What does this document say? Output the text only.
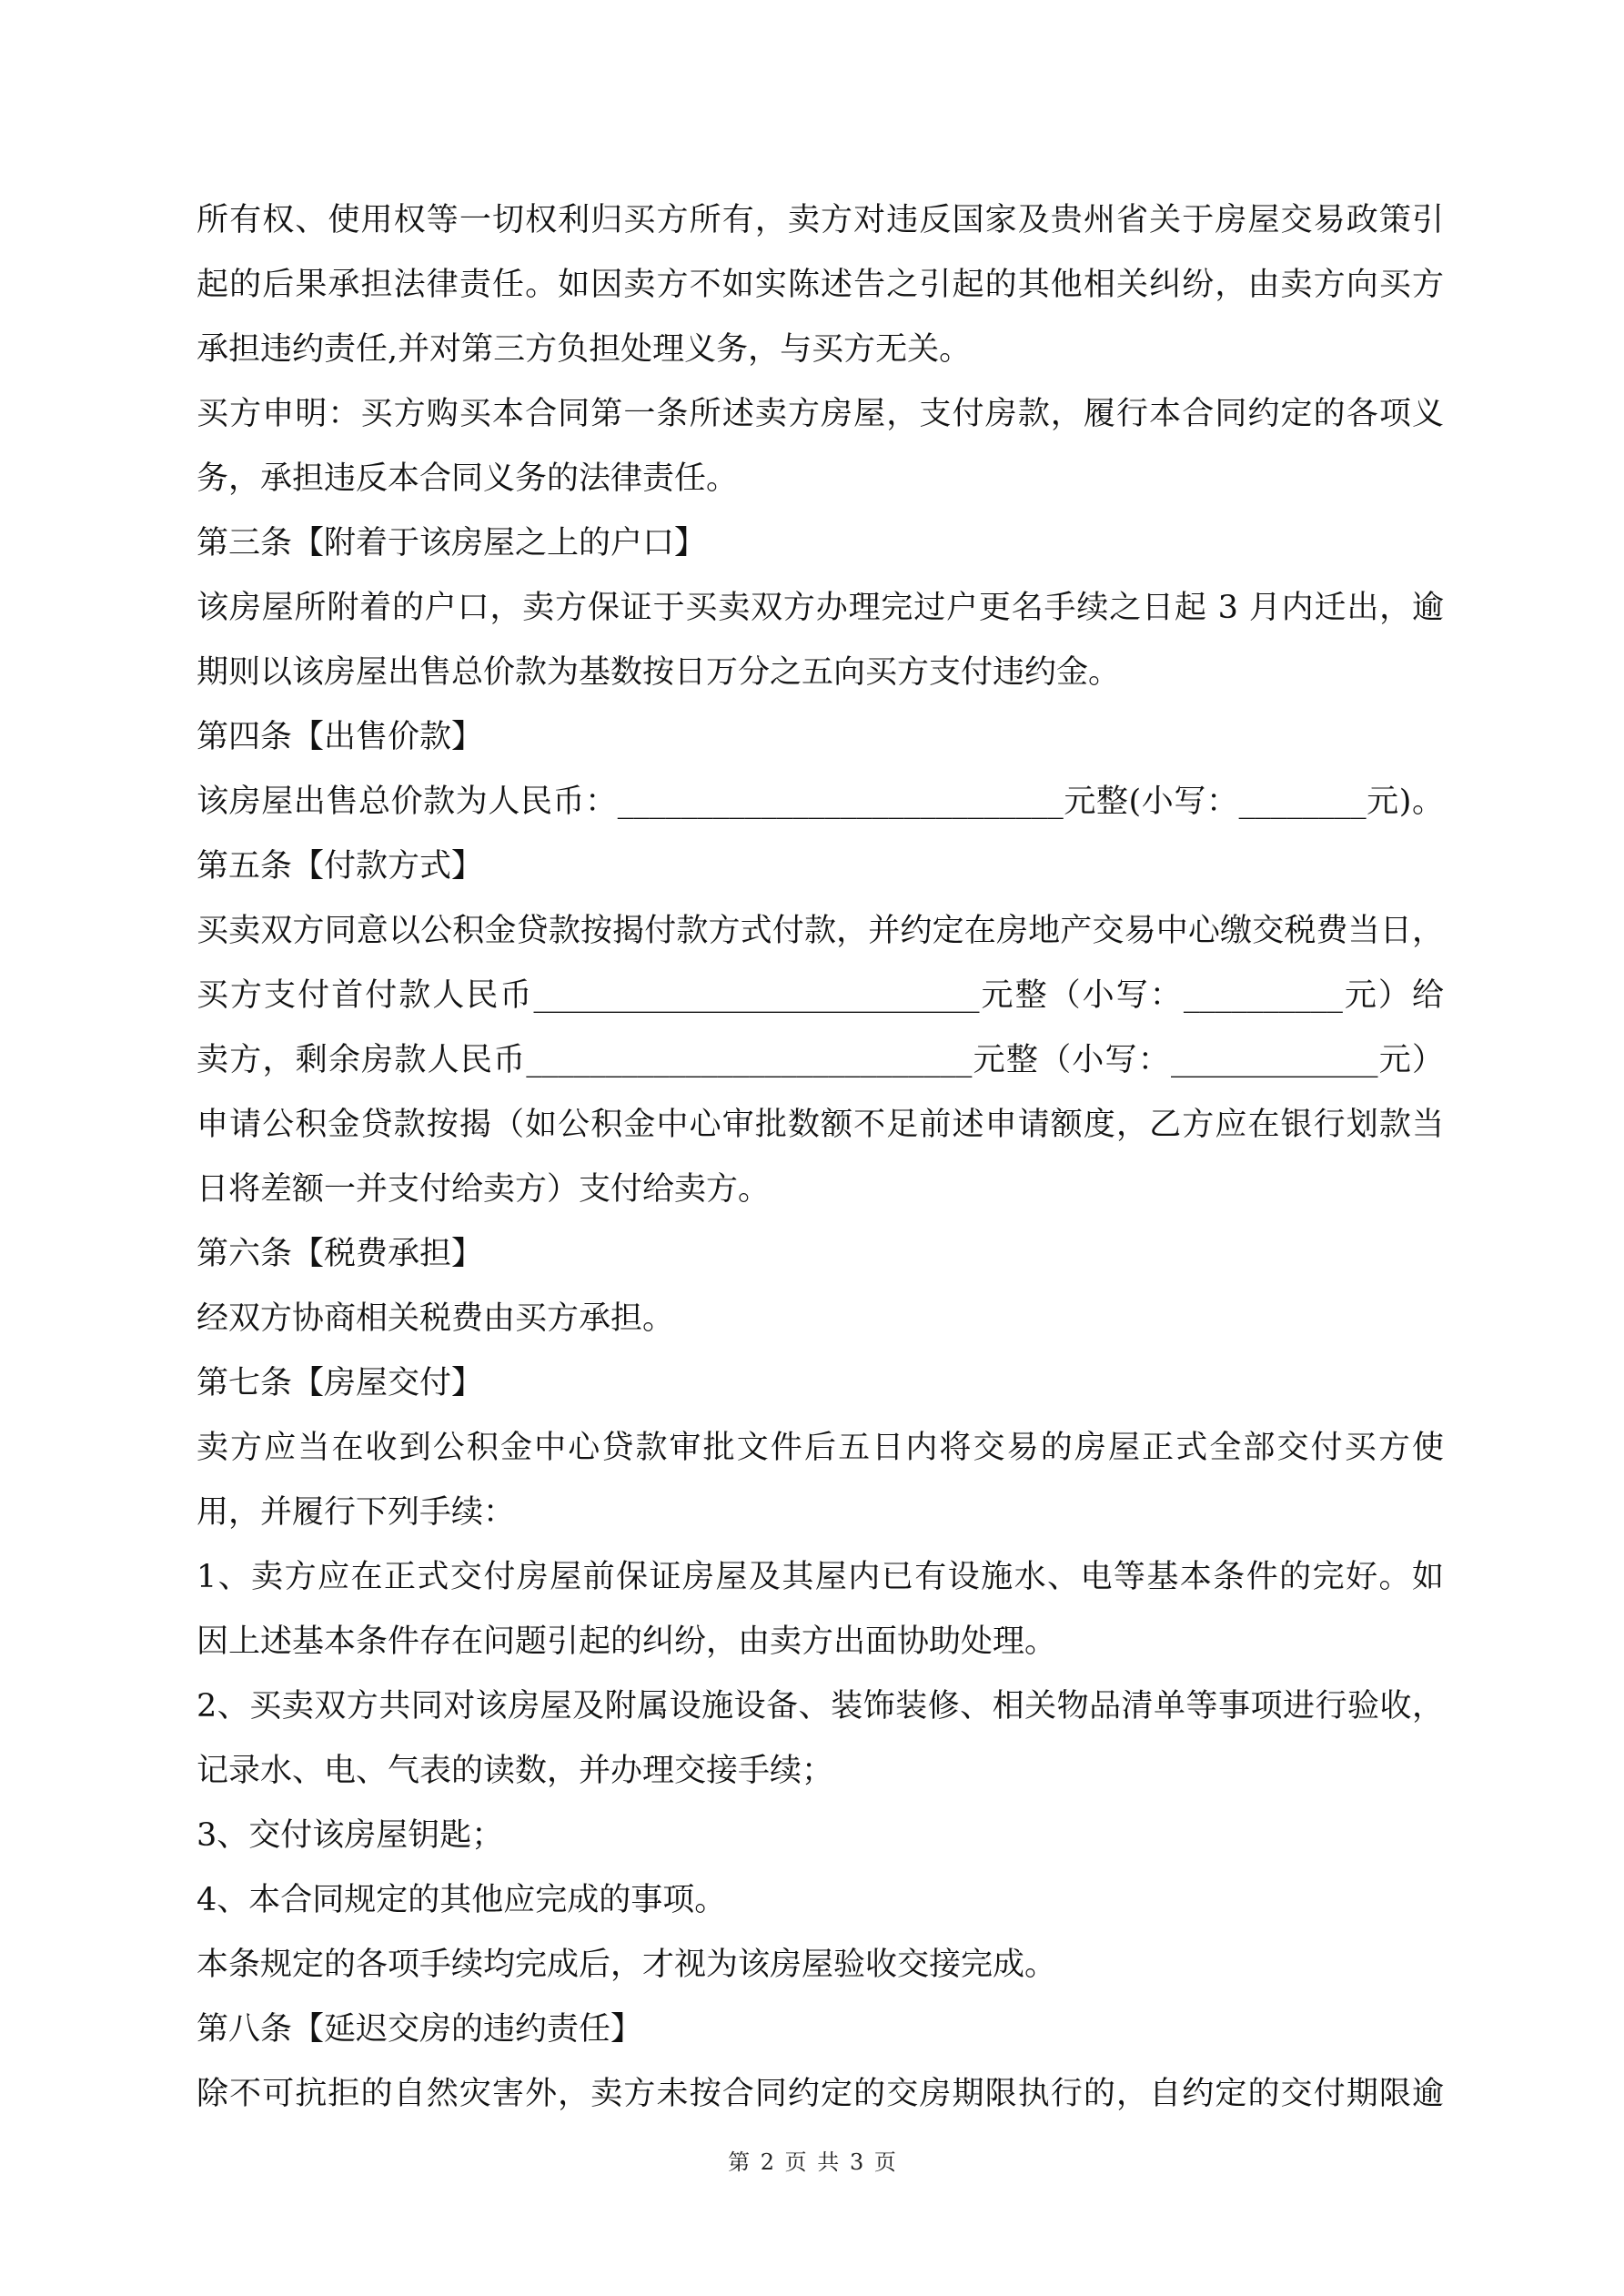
所有权、使用权等一切权利归买方所有，卖方对违反国家及贵州省关于房屋交易政策引
起的后果承担法律责任。如因卖方不如实陈述告之引起的其他相关纠纷，由卖方向买方
承担违约责任,并对第三方负担处理义务，与买方无关。
买方申明：买方购买本合同第一条所述卖方房屋，支付房款，履行本合同约定的各项义
务，承担违反本合同义务的法律责任。
第三条【附着于该房屋之上的户口】
该房屋所附着的户口，卖方保证于买卖双方办理完过户更名手续之日起 3 月内迁出，逾
期则以该房屋出售总价款为基数按日万分之五向买方支付违约金。
第四条【出售价款】
该房屋出售总价款为人民币：____________________________元整(小写：________元)。
第五条【付款方式】
买卖双方同意以公积金贷款按揭付款方式付款，并约定在房地产交易中心缴交税费当日，
买方支付首付款人民币____________________________元整（小写：__________元）给
卖方，剩余房款人民币____________________________元整（小写：_____________元）
申请公积金贷款按揭（如公积金中心审批数额不足前述申请额度，乙方应在银行划款当
日将差额一并支付给卖方）支付给卖方。
第六条【税费承担】
经双方协商相关税费由买方承担。
第七条【房屋交付】
卖方应当在收到公积金中心贷款审批文件后五日内将交易的房屋正式全部交付买方使
用，并履行下列手续：
1、卖方应在正式交付房屋前保证房屋及其屋内已有设施水、电等基本条件的完好。如
因上述基本条件存在问题引起的纠纷，由卖方出面协助处理。
2、买卖双方共同对该房屋及附属设施设备、装饰装修、相关物品清单等事项进行验收，
记录水、电、气表的读数，并办理交接手续；
3、交付该房屋钥匙；
4、本合同规定的其他应完成的事项。
本条规定的各项手续均完成后，才视为该房屋验收交接完成。
第八条【延迟交房的违约责任】
除不可抗拒的自然灾害外，卖方未按合同约定的交房期限执行的，自约定的交付期限逾
第 2 页 共 3 页
